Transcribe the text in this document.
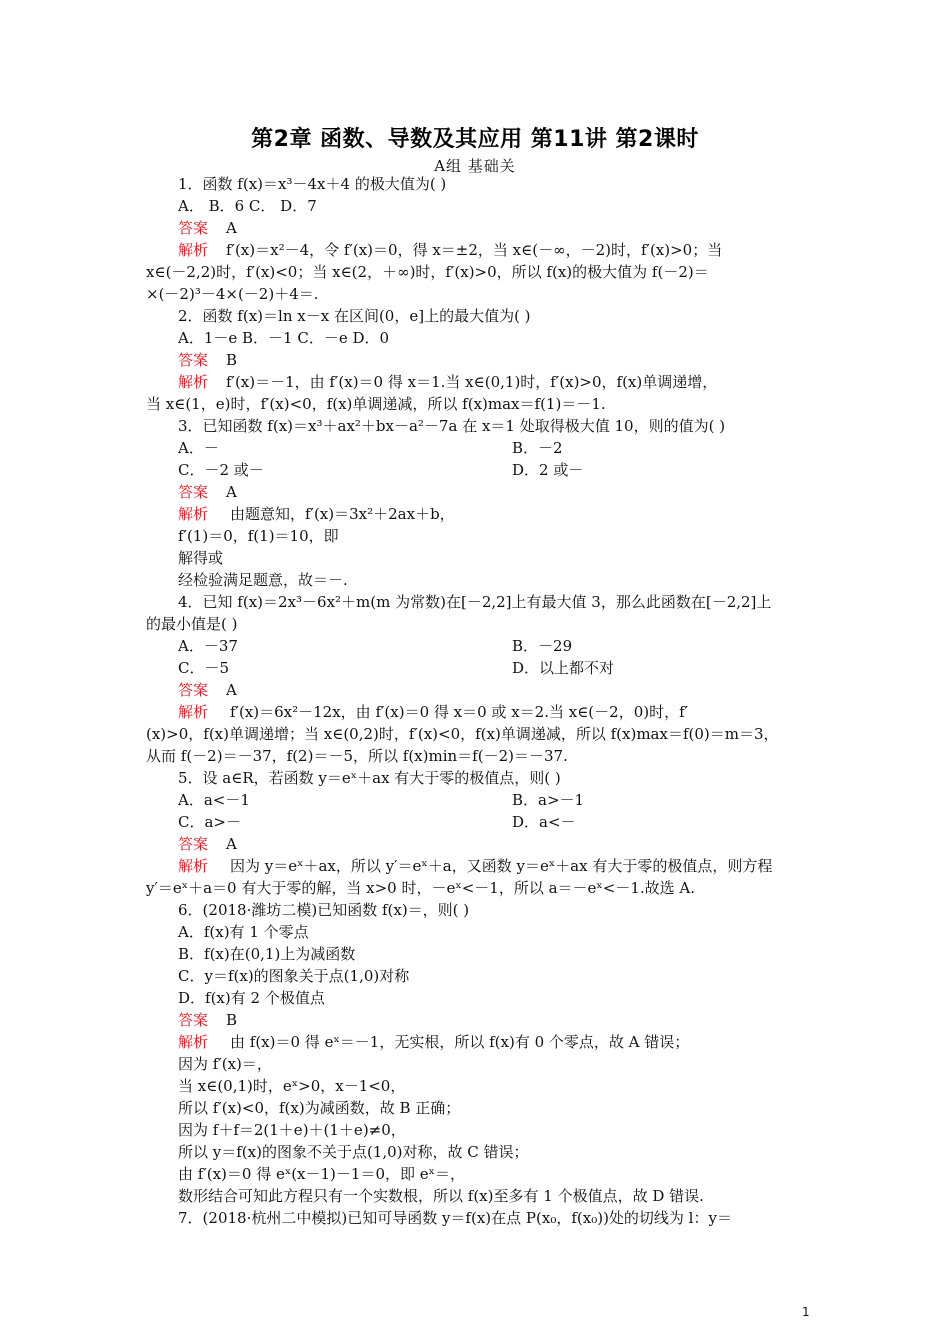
第2章 函数、导数及其应用 第11讲 第2课时
A组 基础关
1．函数 f(x)＝x³－4x＋4 的极大值为( )
A． B．6 C． D．7
答案 A
解析 f′(x)＝x²－4，令 f′(x)＝0，得 x＝±2，当 x∈(－∞，－2)时，f′(x)>0；当
x∈(－2,2)时，f′(x)<0；当 x∈(2，＋∞)时，f′(x)>0，所以 f(x)的极大值为 f(－2)＝
×(－2)³－4×(－2)＋4＝.
2．函数 f(x)＝ln x－x 在区间(0，e]上的最大值为( )
A．1－e B．－1 C．－e D．0
答案 B
解析 f′(x)＝－1，由 f′(x)＝0 得 x＝1.当 x∈(0,1)时，f′(x)>0，f(x)单调递增，
当 x∈(1，e)时，f′(x)<0，f(x)单调递减，所以 f(x)max＝f(1)＝－1.
3．已知函数 f(x)＝x³＋ax²＋bx－a²－7a 在 x＝1 处取得极大值 10，则的值为( )
A．－	B．－2
C．－2 或－	D．2 或－
答案 A
解析 由题意知，f′(x)＝3x²＋2ax＋b，
f′(1)＝0，f(1)＝10，即
解得或
经检验满足题意，故＝－.
4．已知 f(x)＝2x³－6x²＋m(m 为常数)在[－2,2]上有最大值 3，那么此函数在[－2,2]上
的最小值是( )
A．－37	B．－29
C．－5	D．以上都不对
答案 A
解析 f′(x)＝6x²－12x，由 f′(x)＝0 得 x＝0 或 x＝2.当 x∈(－2，0)时，f′
(x)>0，f(x)单调递增；当 x∈(0,2)时，f′(x)<0，f(x)单调递减，所以 f(x)max＝f(0)＝m＝3，
从而 f(－2)＝－37，f(2)＝－5，所以 f(x)min＝f(－2)＝－37.
5．设 a∈R，若函数 y＝eˣ＋ax 有大于零的极值点，则( )
A．a<－1	B．a>－1
C．a>－	D．a<－
答案 A
解析 因为 y＝eˣ＋ax，所以 y′＝eˣ＋a，又函数 y＝eˣ＋ax 有大于零的极值点，则方程
y′＝eˣ＋a＝0 有大于零的解，当 x>0 时，－eˣ<－1，所以 a＝－eˣ<－1.故选 A.
6．(2018·潍坊二模)已知函数 f(x)＝，则( )
A．f(x)有 1 个零点
B．f(x)在(0,1)上为减函数
C．y＝f(x)的图象关于点(1,0)对称
D．f(x)有 2 个极值点
答案 B
解析 由 f(x)＝0 得 eˣ＝－1，无实根，所以 f(x)有 0 个零点，故 A 错误；
因为 f′(x)＝，
当 x∈(0,1)时，eˣ>0，x－1<0，
所以 f′(x)<0，f(x)为减函数，故 B 正确；
因为 f＋f＝2(1＋e)＋(1＋e)≠0，
所以 y＝f(x)的图象不关于点(1,0)对称，故 C 错误；
由 f′(x)＝0 得 eˣ(x－1)－1＝0，即 eˣ＝，
数形结合可知此方程只有一个实数根，所以 f(x)至多有 1 个极值点，故 D 错误.
7．(2018·杭州二中模拟)已知可导函数 y＝f(x)在点 P(x₀，f(x₀))处的切线为 l：y＝
1
